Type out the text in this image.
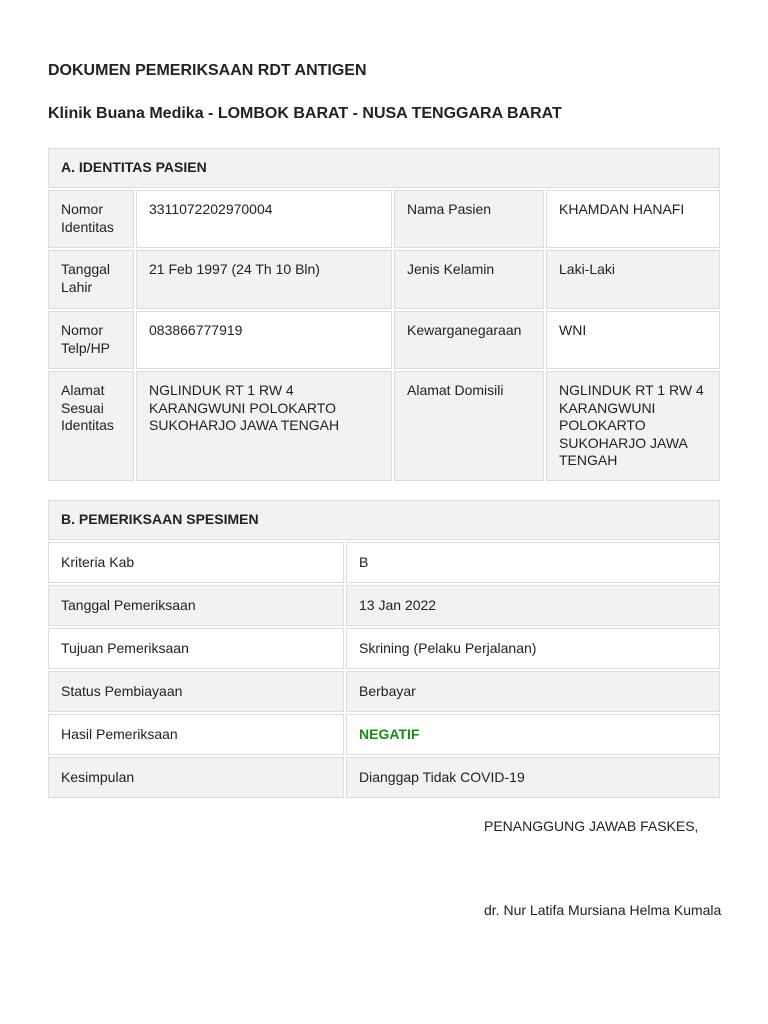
DOKUMEN PEMERIKSAAN RDT ANTIGEN
Klinik Buana Medika - LOMBOK BARAT - NUSA TENGGARA BARAT
A. IDENTITAS PASIEN			
Nomor Identitas	3311072202970004	Nama Pasien	KHAMDAN HANAFI
Tanggal Lahir	21 Feb 1997 (24 Th 10 Bln)	Jenis Kelamin	Laki-Laki
Nomor Telp/HP	083866777919	Kewarganegaraan	WNI
Alamat Sesuai Identitas	NGLINDUK RT 1 RW 4 KARANGWUNI POLOKARTO SUKOHARJO JAWA TENGAH	Alamat Domisili	NGLINDUK RT 1 RW 4 KARANGWUNI POLOKARTO SUKOHARJO JAWA TENGAH
B. PEMERIKSAAN SPESIMEN	
Kriteria Kab	B
Tanggal Pemeriksaan	13 Jan 2022
Tujuan Pemeriksaan	Skrining (Pelaku Perjalanan)
Status Pembiayaan	Berbayar
Hasil Pemeriksaan	NEGATIF
Kesimpulan	Dianggap Tidak COVID-19
PENANGGUNG JAWAB FASKES,
dr. Nur Latifa Mursiana Helma Kumala
